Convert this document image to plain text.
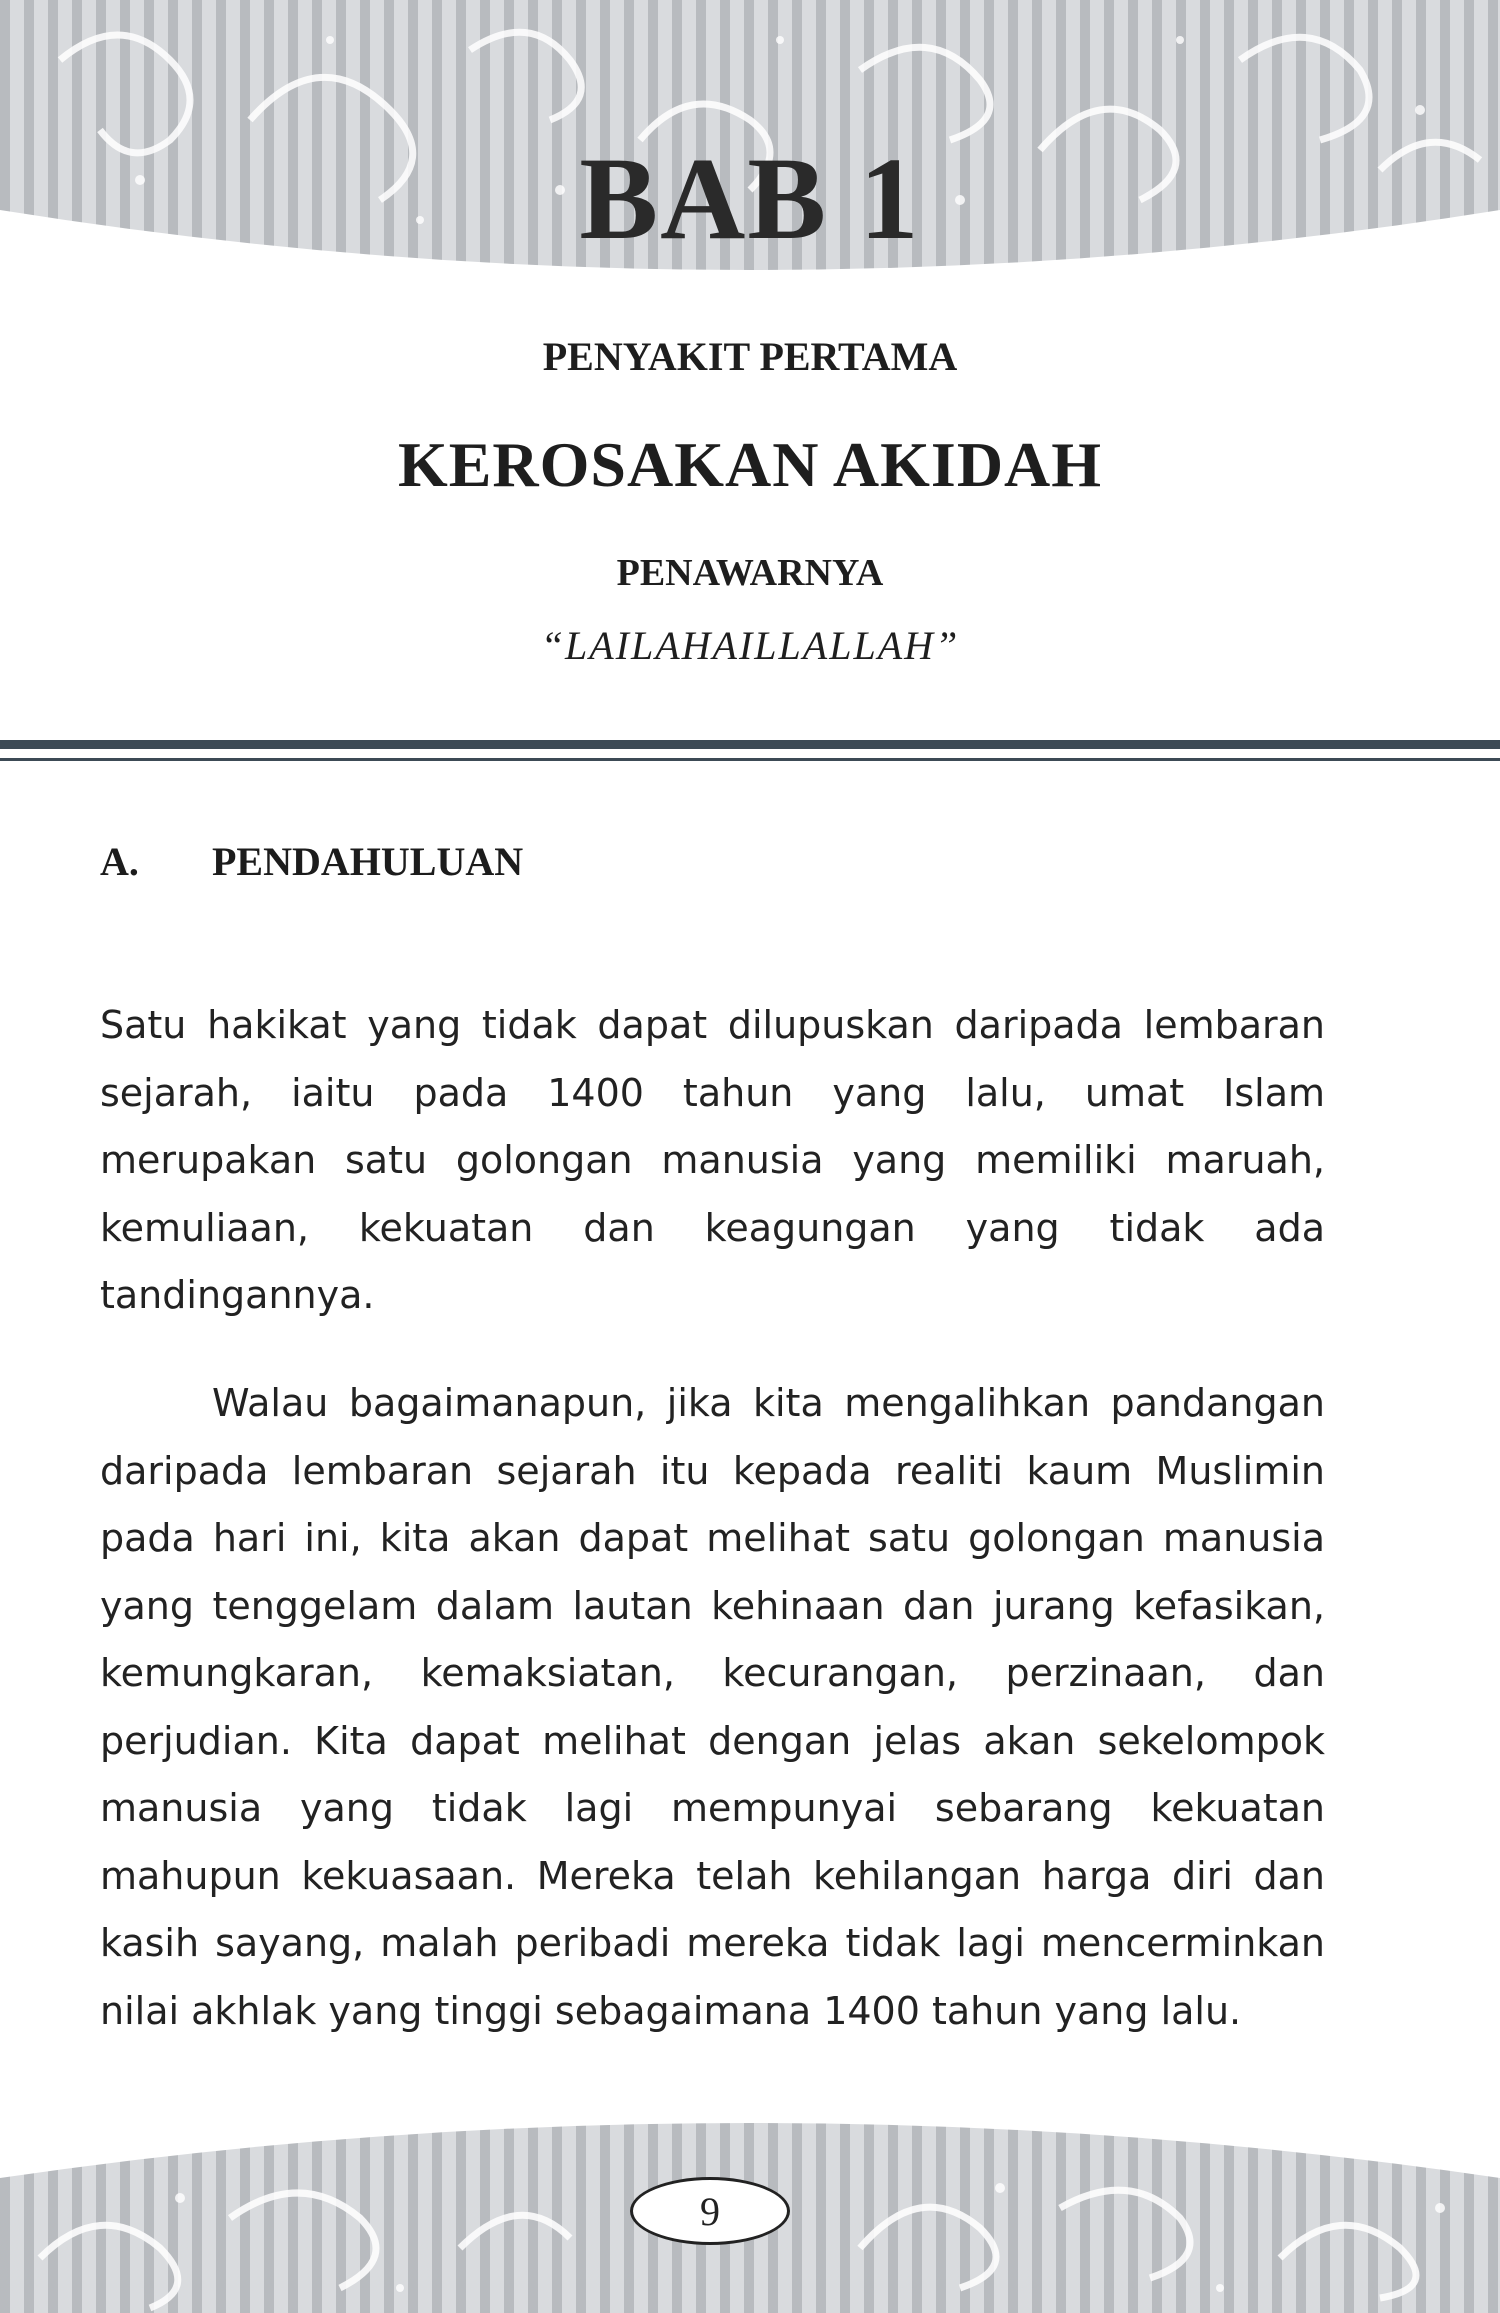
BAB 1
PENYAKIT PERTAMA
KEROSAKAN AKIDAH
PENAWARNYA
“LAILAHAILLALLAH”
A. PENDAHULUAN

Satu hakikat yang tidak dapat dilupuskan daripada lembaran sejarah, iaitu pada 1400 tahun yang lalu, umat Islam merupakan satu golongan manusia yang memiliki maruah, kemuliaan, kekuatan dan keagungan yang tidak ada tandingannya.

Walau bagaimanapun, jika kita mengalihkan pandangan daripada lembaran sejarah itu kepada realiti kaum Muslimin pada hari ini, kita akan dapat melihat satu golongan manusia yang tenggelam dalam lautan kehinaan dan jurang kefasikan, kemungkaran, kemaksiatan, kecurangan, perzinaan, dan perjudian. Kita dapat melihat dengan jelas akan sekelompok manusia yang tidak lagi mempunyai sebarang kekuatan mahupun kekuasaan. Mereka telah kehilangan harga diri dan kasih sayang, malah peribadi mereka tidak lagi mencerminkan nilai akhlak yang tinggi sebagaimana 1400 tahun yang lalu.

9
